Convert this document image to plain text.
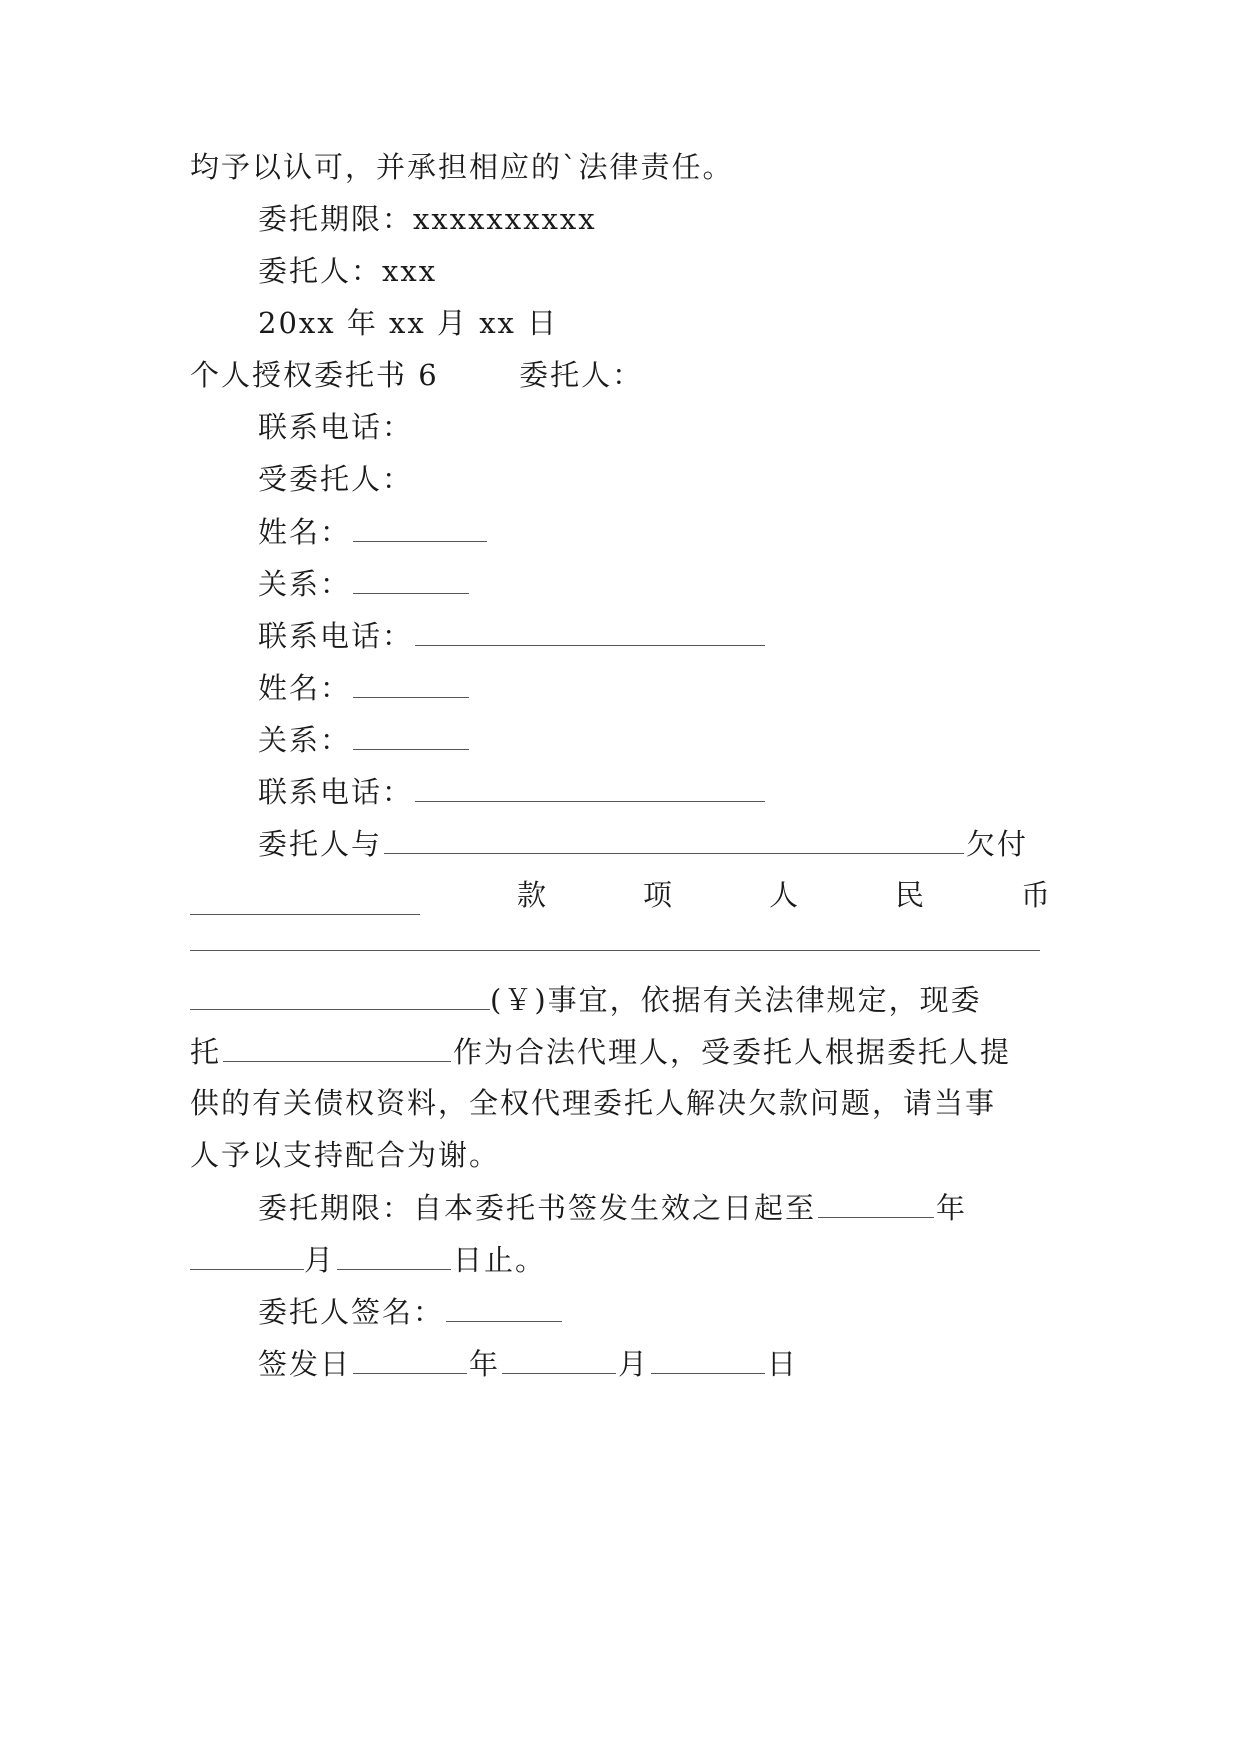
均予以认可，并承担相应的`法律责任。
委托期限：xxxxxxxxxx
委托人：xxx
20xx 年 xx 月 xx 日
个人授权委托书 6	委托人：
联系电话：
受委托人：
姓名：
关系：
联系电话：
姓名：
关系：
联系电话：
委托人与	欠付
款	项	人	民	币
(￥)事宜，依据有关法律规定，现委
托	作为合法代理人，受委托人根据委托人提
供的有关债权资料，全权代理委托人解决欠款问题，请当事
人予以支持配合为谢。
委托期限：自本委托书签发生效之日起至	年
月	日止。
委托人签名：
签发日	年	月	日
